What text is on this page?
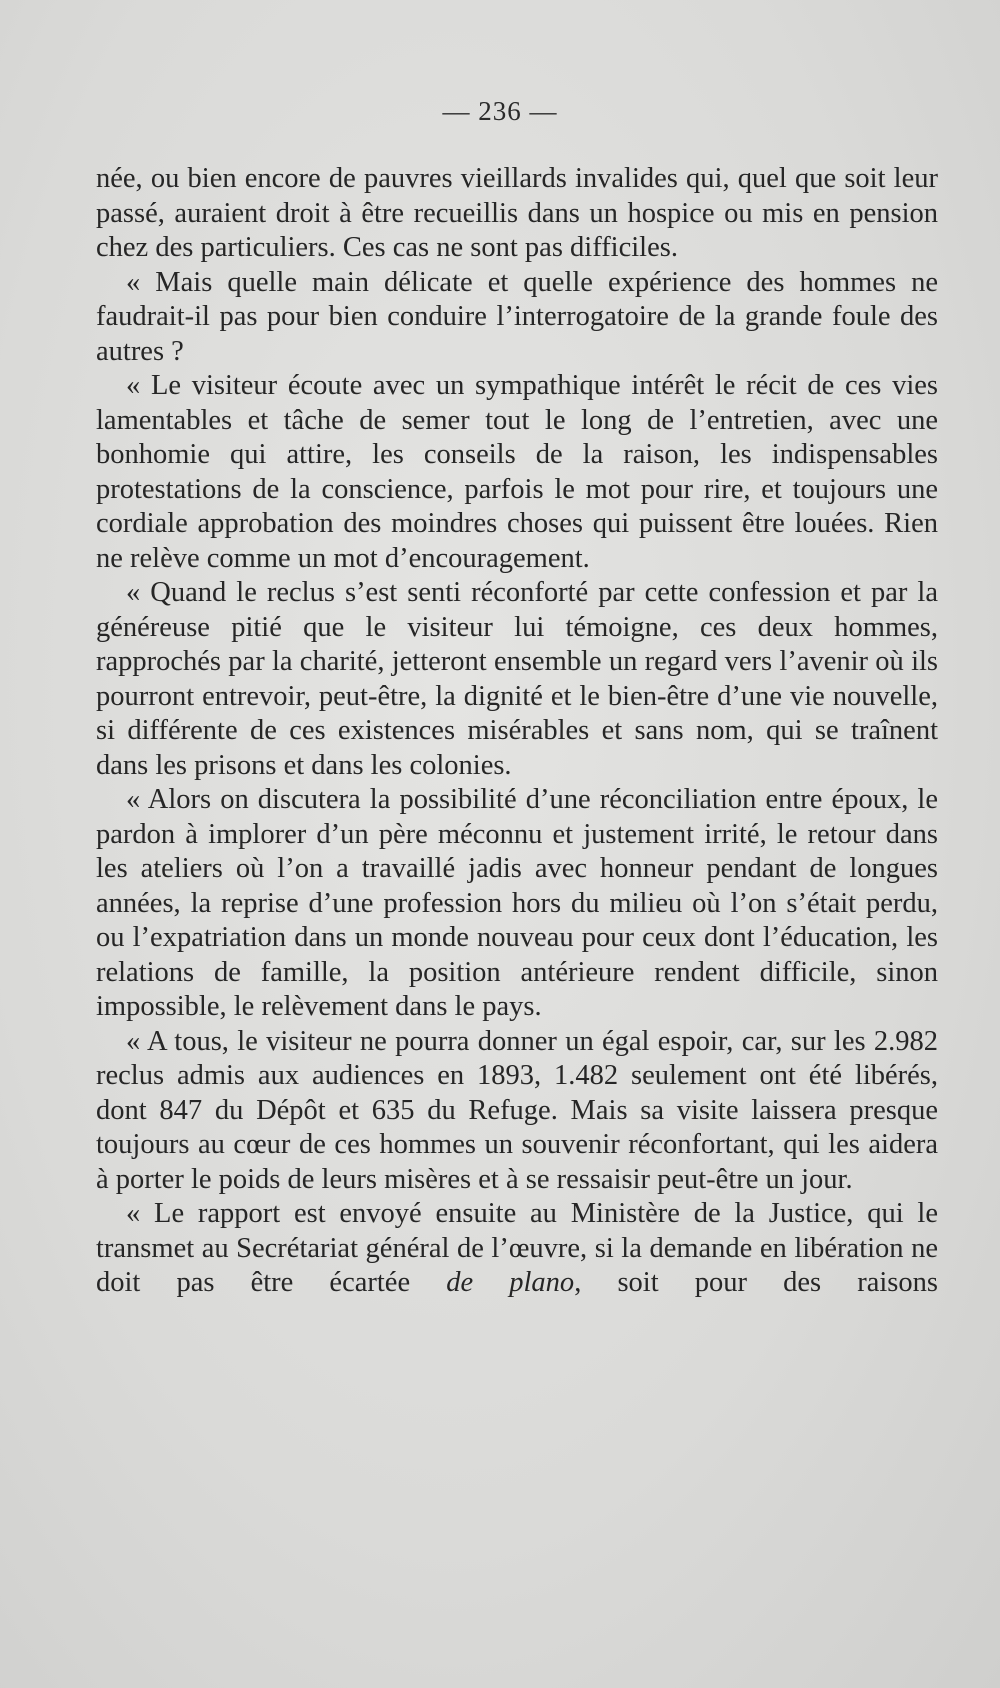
— 236 —

née, ou bien encore de pauvres vieillards invalides qui, quel que soit leur passé, auraient droit à être recueillis dans un hospice ou mis en pension chez des particuliers. Ces cas ne sont pas difficiles.

« Mais quelle main délicate et quelle expérience des hommes ne faudrait-il pas pour bien conduire l’interrogatoire de la grande foule des autres ?

« Le visiteur écoute avec un sympathique intérêt le récit de ces vies lamentables et tâche de semer tout le long de l’entretien, avec une bonhomie qui attire, les conseils de la raison, les indispensables protestations de la conscience, parfois le mot pour rire, et toujours une cordiale approbation des moindres choses qui puissent être louées. Rien ne relève comme un mot d’encouragement.

« Quand le reclus s’est senti réconforté par cette confession et par la généreuse pitié que le visiteur lui témoigne, ces deux hommes, rapprochés par la charité, jetteront ensemble un regard vers l’avenir où ils pourront entrevoir, peut-être, la dignité et le bien-être d’une vie nouvelle, si différente de ces existences misérables et sans nom, qui se traînent dans les prisons et dans les colonies.

« Alors on discutera la possibilité d’une réconciliation entre époux, le pardon à implorer d’un père méconnu et justement irrité, le retour dans les ateliers où l’on a travaillé jadis avec honneur pendant de longues années, la reprise d’une profession hors du milieu où l’on s’était perdu, ou l’expatriation dans un monde nouveau pour ceux dont l’éducation, les relations de famille, la position antérieure rendent difficile, sinon impossible, le relèvement dans le pays.

« A tous, le visiteur ne pourra donner un égal espoir, car, sur les 2.982 reclus admis aux audiences en 1893, 1.482 seulement ont été libérés, dont 847 du Dépôt et 635 du Refuge. Mais sa visite laissera presque toujours au cœur de ces hommes un souvenir réconfortant, qui les aidera à porter le poids de leurs misères et à se ressaisir peut-être un jour.

« Le rapport est envoyé ensuite au Ministère de la Justice, qui le transmet au Secrétariat général de l’œuvre, si la demande en libération ne doit pas être écartée de plano, soit pour des raisons
